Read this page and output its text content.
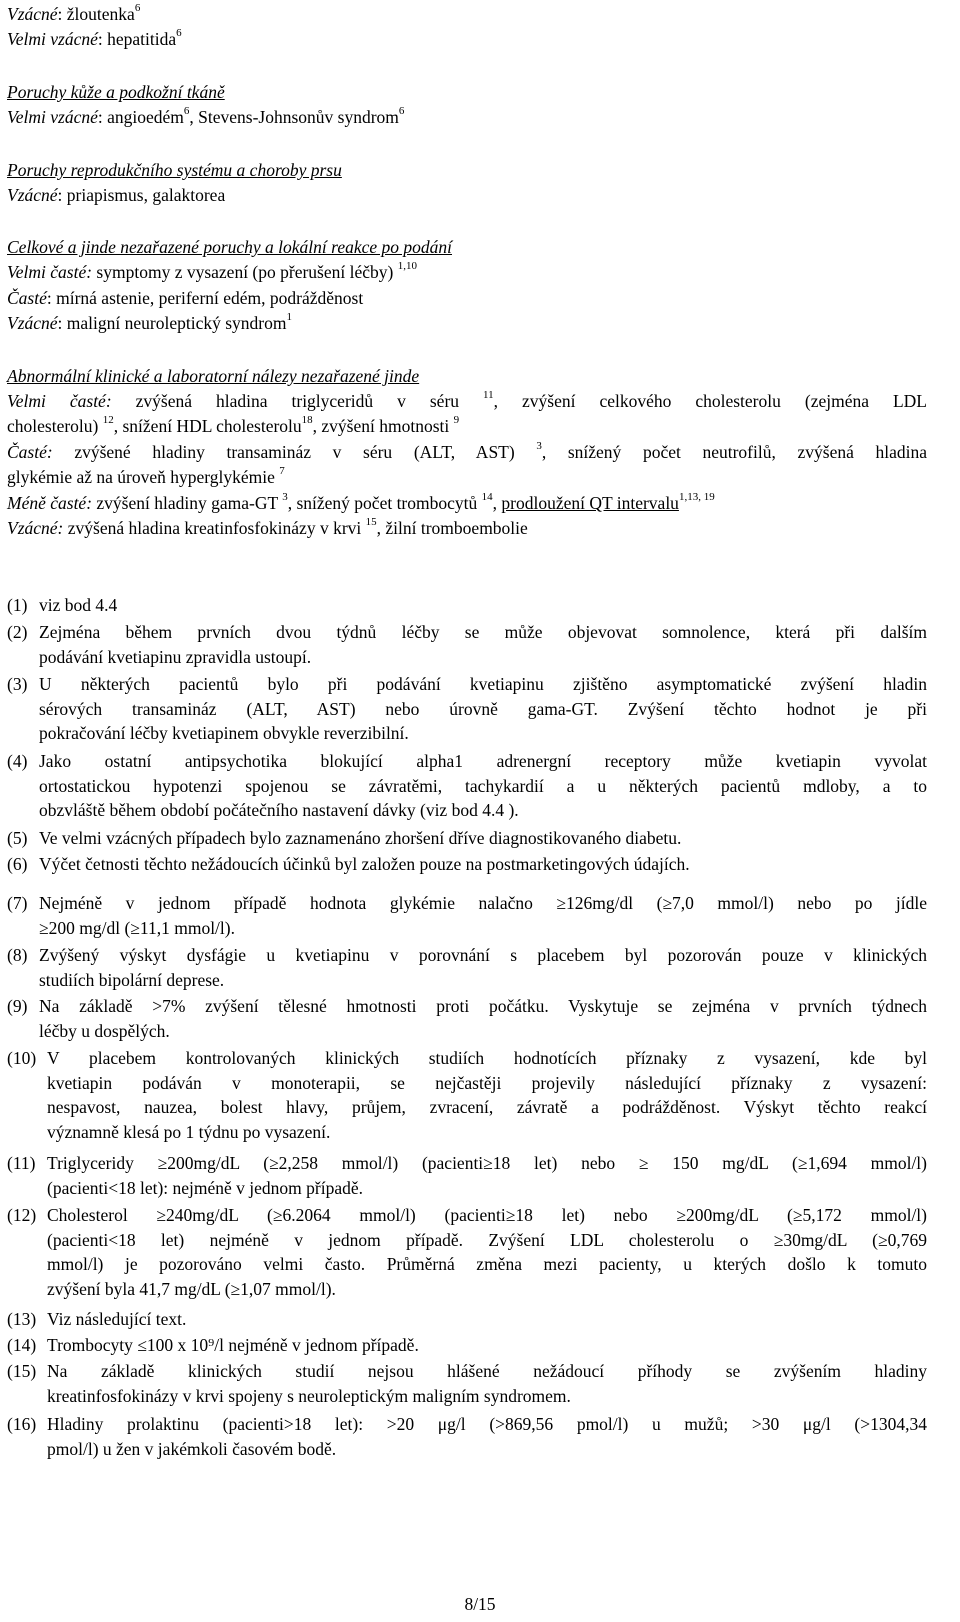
Vzácné: žloutenka$^6$
Velmi vzácné: hepatitida$^6$
Poruchy kůže a podkožní tkáně
Velmi vzácné: angioedém$^6$, Stevens-Johnsonův syndrom$^6$
Poruchy reprodukčního systému a choroby prsu
Vzácné: priapismus, galaktorea
Celkové a jinde nezařazené poruchy a lokální reakce po podání
Velmi časté: symptomy z vysazení (po přerušení léčby) $^{1,10}$
Časté: mírná astenie, periferní edém, podrážděnost
Vzácné: maligní neuroleptický syndrom$^1$
Abnormální klinické a laboratorní nálezy nezařazené jinde
Velmi časté: zvýšená hladina triglyceridů v séru $^{11}$, zvýšení celkového cholesterolu (zejména LDL
cholesterolu) $^{12}$, snížení HDL cholesterolu$^{18}$, zvýšení hmotnosti $^9$
Časté: zvýšené hladiny transamináz v séru (ALT, AST) $^3$, snížený počet neutrofilů, zvýšená hladina
glykémie až na úroveň hyperglykémie $^7$
Méně časté: zvýšení hladiny gama-GT $^3$, snížený počet trombocytů $^{14}$, prodloužení QT intervalu$^{1,13, 19}$
Vzácné: zvýšená hladina kreatinfosfokinázy v krvi $^{15}$, žilní tromboembolie
(1) viz bod 4.4
(2) Zejména během prvních dvou týdnů léčby se může objevovat somnolence, která při dalším
podávání kvetiapinu zpravidla ustoupí.
(3) U některých pacientů bylo při podávání kvetiapinu zjištěno asymptomatické zvýšení hladin
sérových transamináz (ALT, AST) nebo úrovně gama-GT. Zvýšení těchto hodnot je při
pokračování léčby kvetiapinem obvykle reverzibilní.
(4) Jako ostatní antipsychotika blokující alpha1 adrenergní receptory může kvetiapin vyvolat
ortostatickou hypotenzi spojenou se závratěmi, tachykardií a u některých pacientů mdloby, a to
obzvláště během období počátečního nastavení dávky (viz bod 4.4 ).
(5) Ve velmi vzácných případech bylo zaznamenáno zhoršení dříve diagnostikovaného diabetu.
(6) Výčet četnosti těchto nežádoucích účinků byl založen pouze na postmarketingových údajích.
(7) Nejméně v jednom případě hodnota glykémie nalačno ≥126mg/dl (≥7,0 mmol/l) nebo po jídle
≥200 mg/dl (≥11,1 mmol/l).
(8) Zvýšený výskyt dysfágie u kvetiapinu v porovnání s placebem byl pozorován pouze v klinických
studiích bipolární deprese.
(9) Na základě >7% zvýšení tělesné hmotnosti proti počátku. Vyskytuje se zejména v prvních týdnech
léčby u dospělých.
(10) V placebem kontrolovaných klinických studiích hodnotících příznaky z vysazení, kde byl
kvetiapin podáván v monoterapii, se nejčastěji projevily následující příznaky z vysazení:
nespavost, nauzea, bolest hlavy, průjem, zvracení, závratě a podrážděnost. Výskyt těchto reakcí
významně klesá po 1 týdnu po vysazení.
(11) Triglyceridy ≥200mg/dL (≥2,258 mmol/l) (pacienti≥18 let) nebo ≥ 150 mg/dL (≥1,694 mmol/l)
(pacienti<18 let): nejméně v jednom případě.
(12) Cholesterol ≥240mg/dL (≥6.2064 mmol/l) (pacienti≥18 let) nebo ≥200mg/dL (≥5,172 mmol/l)
(pacienti<18 let) nejméně v jednom případě. Zvýšení LDL cholesterolu o ≥30mg/dL (≥0,769
mmol/l) je pozorováno velmi často. Průměrná změna mezi pacienty, u kterých došlo k tomuto
zvýšení byla 41,7 mg/dL (≥1,07 mmol/l).
(13) Viz následující text.
(14) Trombocyty ≤100 x 10⁹/l nejméně v jednom případě.
(15) Na základě klinických studií nejsou hlášené nežádoucí příhody se zvýšením hladiny
kreatinfosfokinázy v krvi spojeny s neuroleptickým maligním syndromem.
(16) Hladiny prolaktinu (pacienti>18 let): >20 μg/l (>869,56 pmol/l) u mužů; >30 μg/l (>1304,34
pmol/l) u žen v jakémkoli časovém bodě.
8/15
